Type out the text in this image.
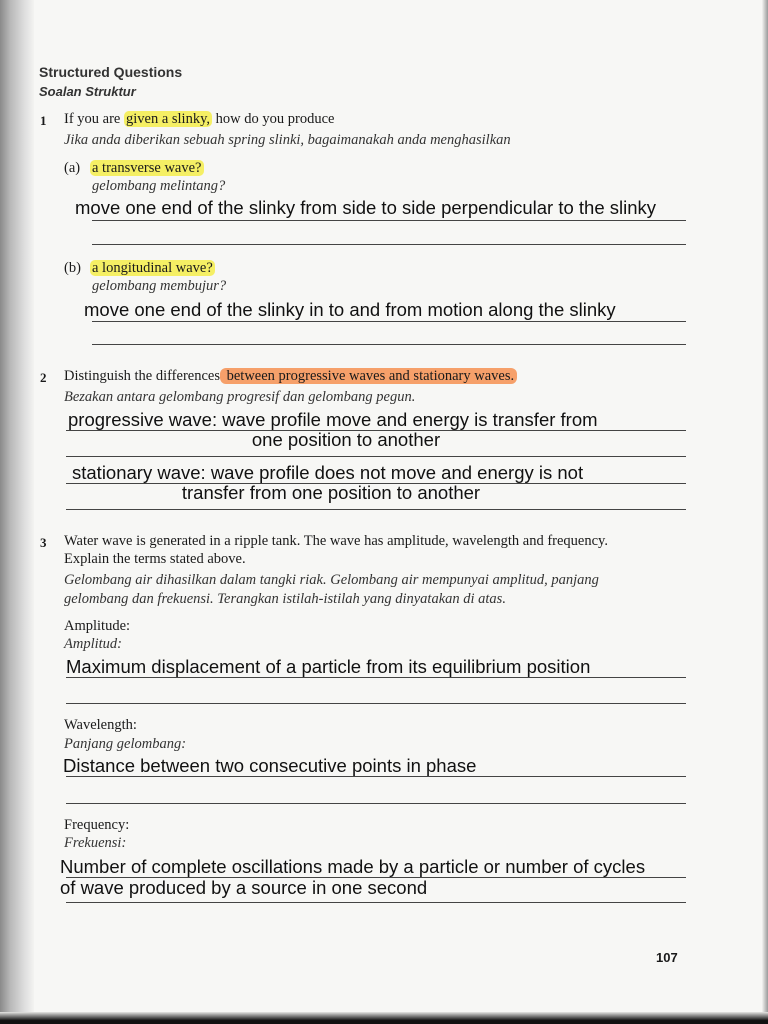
Structured Questions
Soalan Struktur
1 If you are given a slinky, how do you produce
Jika anda diberikan sebuah spring slinki, bagaimanakah anda menghasilkan
(a) a transverse wave?
gelombang melintang?
move one end of the slinky from side to side perpendicular to the slinky
(b) a longitudinal wave?
gelombang membujur?
move one end of the slinky in to and from motion along the slinky
2 Distinguish the differences between progressive waves and stationary waves.
Bezakan antara gelombang progresif dan gelombang pegun.
progressive wave: wave profile move and energy is transfer from
one position to another
stationary wave: wave profile does not move and energy is not
transfer from one position to another
3 Water wave is generated in a ripple tank. The wave has amplitude, wavelength and frequency.
Explain the terms stated above.
Gelombang air dihasilkan dalam tangki riak. Gelombang air mempunyai amplitud, panjang
gelombang dan frekuensi. Terangkan istilah-istilah yang dinyatakan di atas.
Amplitude:
Amplitud:
Maximum displacement of a particle from its equilibrium position
Wavelength:
Panjang gelombang:
Distance between two consecutive points in phase
Frequency:
Frekuensi:
Number of complete oscillations made by a particle or number of cycles
of wave produced by a source in one second
107
